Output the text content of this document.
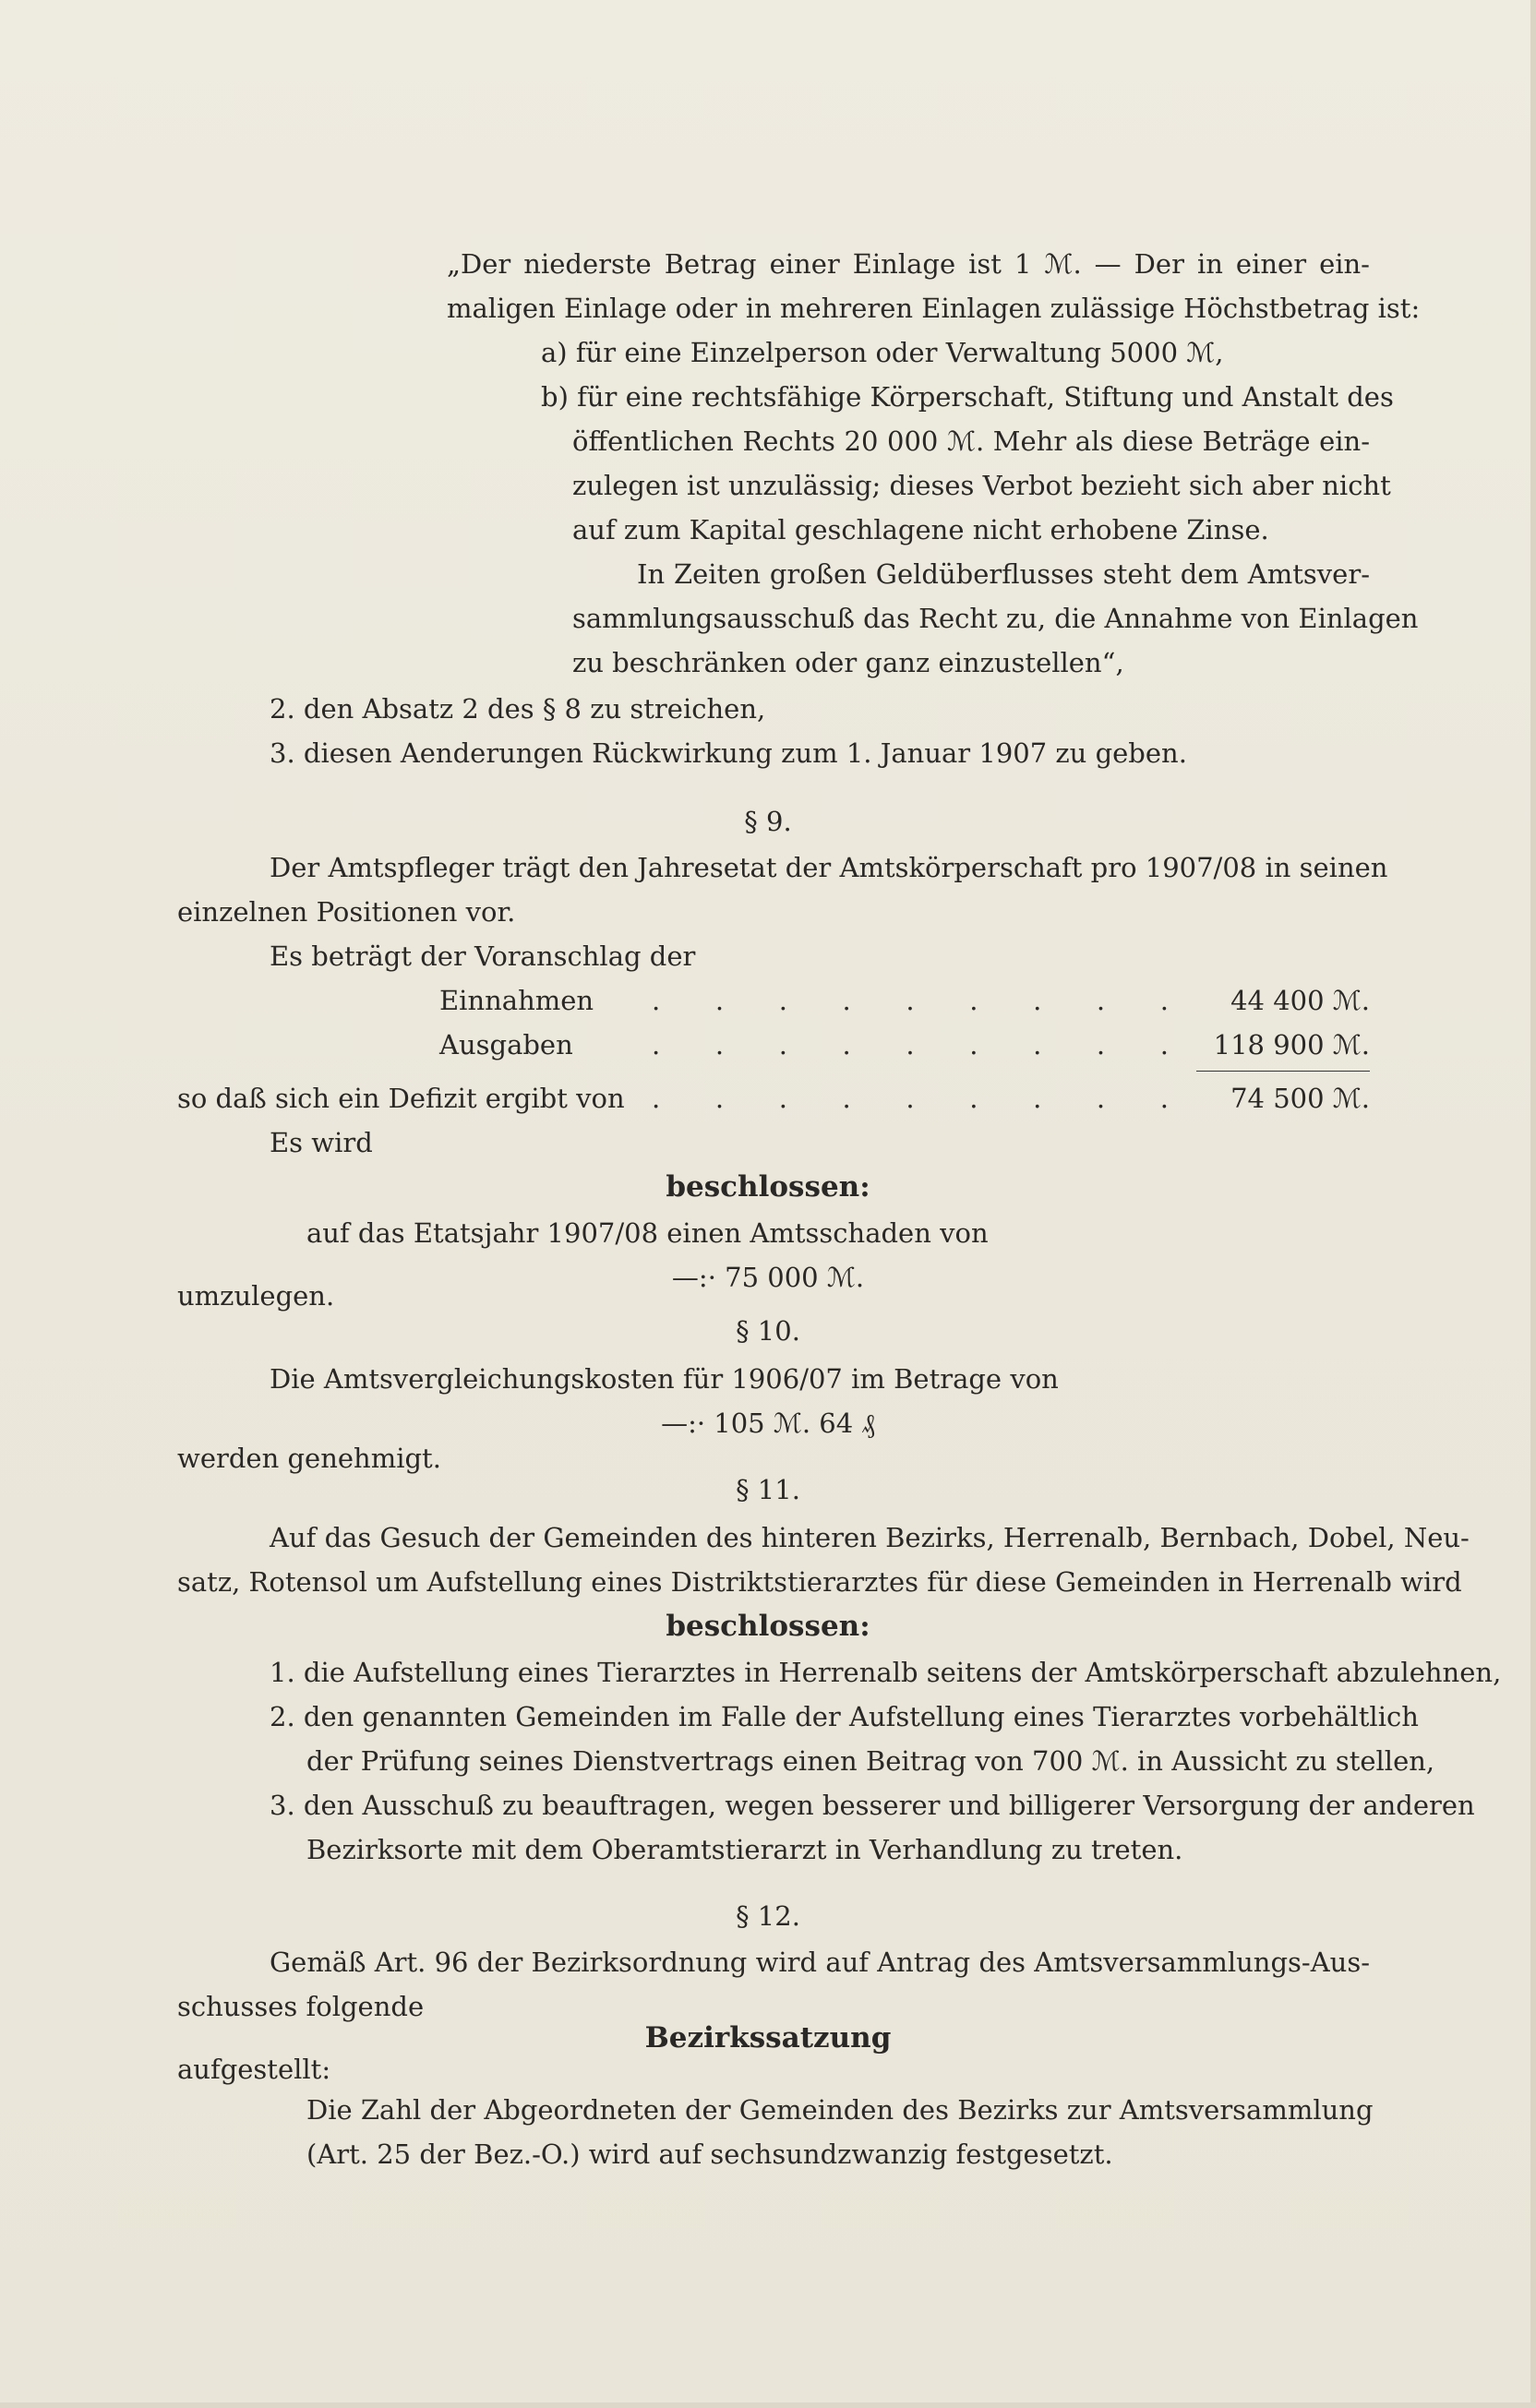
„Der niederste Betrag einer Einlage ist 1 ℳ. — Der in einer ein-
maligen Einlage oder in mehreren Einlagen zulässige Höchstbetrag ist:
a) für eine Einzelperson oder Verwaltung 5000 ℳ,
b) für eine rechtsfähige Körperschaft, Stiftung und Anstalt des
öffentlichen Rechts 20 000 ℳ. Mehr als diese Beträge ein-
zulegen ist unzulässig; dieses Verbot bezieht sich aber nicht
auf zum Kapital geschlagene nicht erhobene Zinse.
In Zeiten großen Geldüberflusses steht dem Amtsver-
sammlungsausschuß das Recht zu, die Annahme von Einlagen
zu beschränken oder ganz einzustellen“,
2. den Absatz 2 des § 8 zu streichen,
3. diesen Aenderungen Rückwirkung zum 1. Januar 1907 zu geben.
§ 9.
Der Amtspfleger trägt den Jahresetat der Amtskörperschaft pro 1907/08 in seinen
einzelnen Positionen vor.
Es beträgt der Voranschlag der
Einnahmen . . . . . . . . .	44 400 ℳ.
Ausgaben	. . . . . . . . .	118 900 ℳ.
so daß sich ein Defizit ergibt von . . . . . . . . .	74 500 ℳ.
Es wird
beschlossen:
auf das Etatsjahr 1907/08 einen Amtsschaden von
—:· 75 000 ℳ.
umzulegen.
§ 10.
Die Amtsvergleichungskosten für 1906/07 im Betrage von
—:· 105 ℳ. 64 ₰
werden genehmigt.
§ 11.
Auf das Gesuch der Gemeinden des hinteren Bezirks, Herrenalb, Bernbach, Dobel, Neu-
satz, Rotensol um Aufstellung eines Distriktstierarztes für diese Gemeinden in Herrenalb wird
beschlossen:
1. die Aufstellung eines Tierarztes in Herrenalb seitens der Amtskörperschaft abzulehnen,
2. den genannten Gemeinden im Falle der Aufstellung eines Tierarztes vorbehältlich
der Prüfung seines Dienstvertrags einen Beitrag von 700 ℳ. in Aussicht zu stellen,
3. den Ausschuß zu beauftragen, wegen besserer und billigerer Versorgung der anderen
Bezirksorte mit dem Oberamtstierarzt in Verhandlung zu treten.
§ 12.
Gemäß Art. 96 der Bezirksordnung wird auf Antrag des Amtsversammlungs-Aus-
schusses folgende
Bezirkssatzung
aufgestellt:
Die Zahl der Abgeordneten der Gemeinden des Bezirks zur Amtsversammlung
(Art. 25 der Bez.-O.) wird auf sechsundzwanzig festgesetzt.
